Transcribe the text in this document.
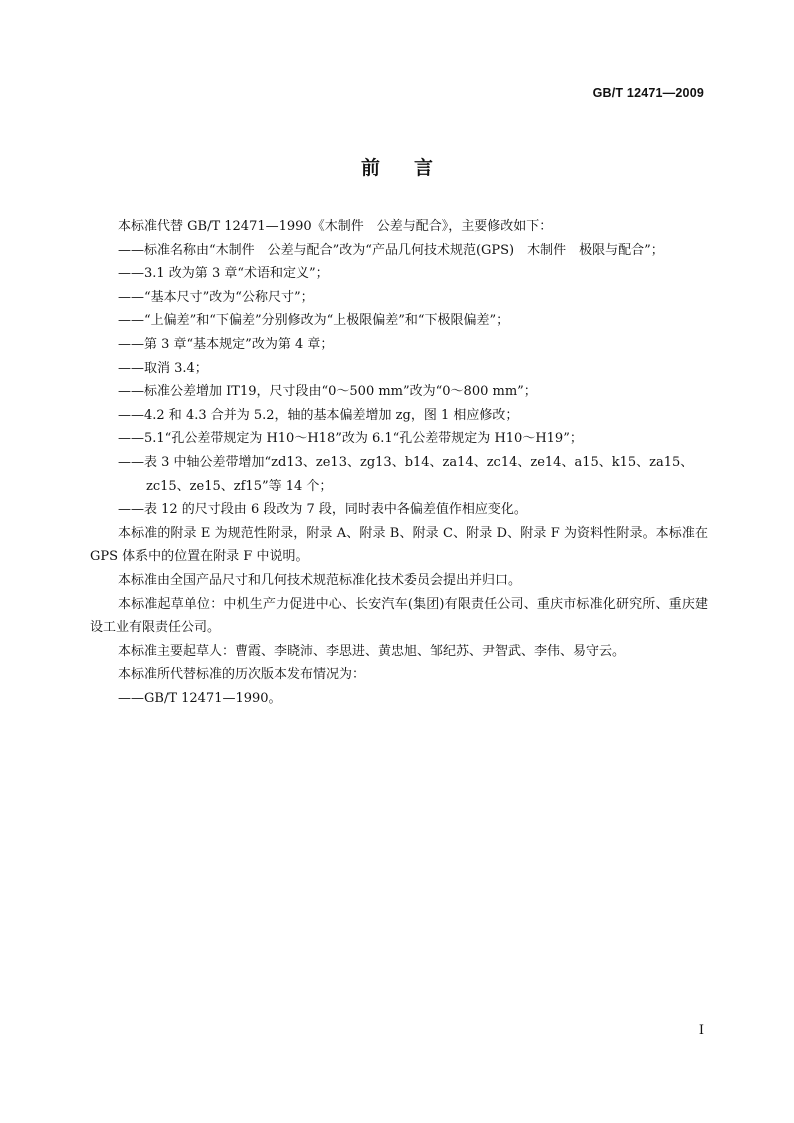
GB/T 12471—2009
前言

本标准代替 GB/T 12471—1990《木制件　公差与配合》，主要修改如下：

——标准名称由“木制件　公差与配合”改为“产品几何技术规范(GPS)　木制件　极限与配合”；

——3.1 改为第 3 章“术语和定义”；

——“基本尺寸”改为“公称尺寸”；

——“上偏差”和“下偏差”分别修改为“上极限偏差”和“下极限偏差”；

——第 3 章“基本规定”改为第 4 章；

——取消 3.4；

——标准公差增加 IT19，尺寸段由“0～500 mm”改为“0～800 mm”；

——4.2 和 4.3 合并为 5.2，轴的基本偏差增加 zg，图 1 相应修改；

——5.1“孔公差带规定为 H10～H18”改为 6.1“孔公差带规定为 H10～H19”；

——表 3 中轴公差带增加“zd13、ze13、zg13、b14、za14、zc14、ze14、a15、k15、za15、zc15、ze15、zf15”等 14 个；

——表 12 的尺寸段由 6 段改为 7 段，同时表中各偏差值作相应变化。

本标准的附录 E 为规范性附录，附录 A、附录 B、附录 C、附录 D、附录 F 为资料性附录。本标准在 GPS 体系中的位置在附录 F 中说明。

本标准由全国产品尺寸和几何技术规范标准化技术委员会提出并归口。

本标准起草单位：中机生产力促进中心、长安汽车(集团)有限责任公司、重庆市标准化研究所、重庆建设工业有限责任公司。

本标准主要起草人：曹霞、李晓沛、李思进、黄忠旭、邹纪苏、尹智武、李伟、易守云。

本标准所代替标准的历次版本发布情况为：

——GB/T 12471—1990。

I
